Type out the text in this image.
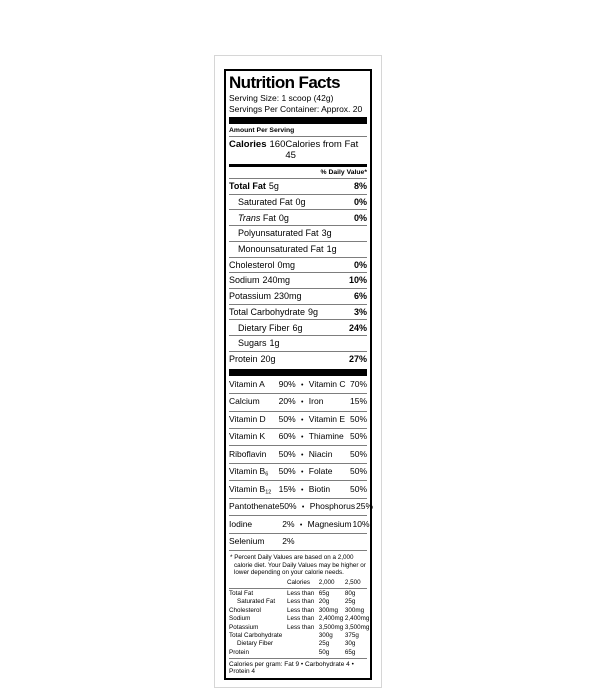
Nutrition Facts
Serving Size: 1 scoop (42g)
Servings Per Container: Approx. 20
Amount Per Serving
Calories 160 Calories from Fat 45
% Daily Value*
Total Fat 5g	8%
Saturated Fat 0g	0%
Trans Fat 0g	0%
Polyunsaturated Fat 3g
Monounsaturated Fat 1g
Cholesterol 0mg	0%
Sodium 240mg	10%
Potassium 230mg	6%
Total Carbohydrate 9g	3%
Dietary Fiber 6g	24%
Sugars 1g
Protein 20g	27%
Vitamin A	90% • Vitamin C 70%
Calcium	20% • Iron	15%
Vitamin D	50% • Vitamin E 50%
Vitamin K	60% • Thiamine 50%
Riboflavin	50% • Niacin	50%
Vitamin $B_6$	50% • Folate	50%
Vitamin $B_{12}$ 15% • Biotin	50%
Pantothenate 50% • Phosphorus 25%
Iodine	2% • Magnesium 10%
Selenium	2%
* Percent Daily Values are based on a 2,000 calorie diet. Your Daily Values may be higher or lower depending on your calorie needs.
Calories	2,000	2,500
Total Fat	Less than 65g	80g
Saturated Fat	Less than 20g	25g
Cholesterol	Less than 300mg	300mg
Sodium	Less than 2,400mg 2,400mg
Potassium	Less than 3,500mg 3,500mg
Total Carbohydrate	300g	375g
Dietary Fiber	25g	30g
Protein	50g	65g
Calories per gram: Fat 9 • Carbohydrate 4 • Protein 4
